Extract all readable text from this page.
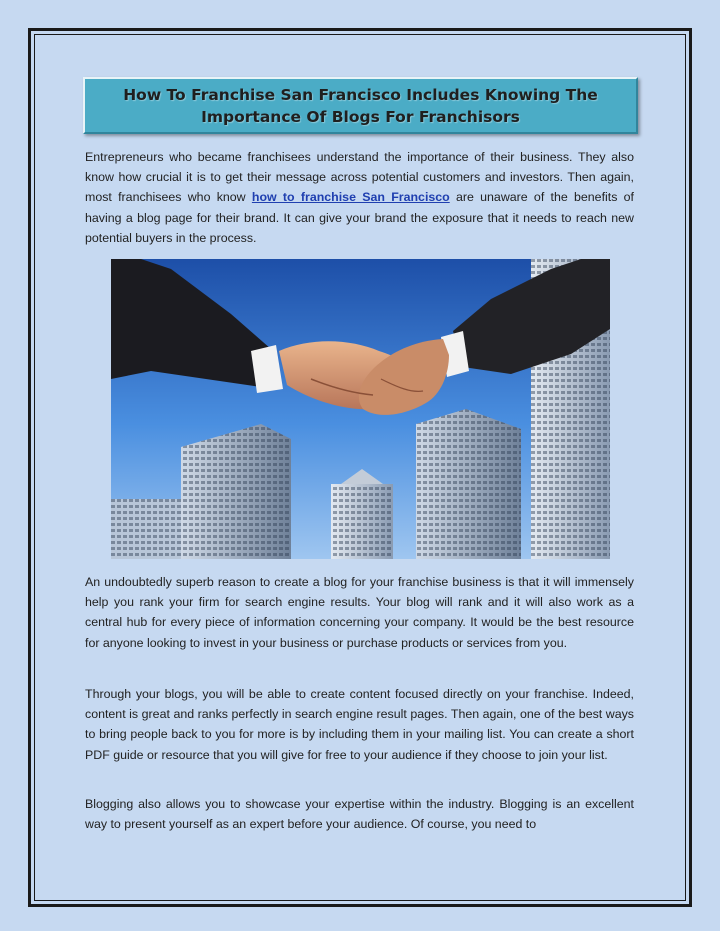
How To Franchise San Francisco Includes Knowing The Importance Of Blogs For Franchisors

Entrepreneurs who became franchisees understand the importance of their business. They also know how crucial it is to get their message across potential customers and investors. Then again, most franchisees who know how to franchise San Francisco are unaware of the benefits of having a blog page for their brand. It can give your brand the exposure that it needs to reach new potential buyers in the process.

An undoubtedly superb reason to create a blog for your franchise business is that it will immensely help you rank your firm for search engine results. Your blog will rank and it will also work as a central hub for every piece of information concerning your company. It would be the best resource for anyone looking to invest in your business or purchase products or services from you.

Through your blogs, you will be able to create content focused directly on your franchise. Indeed, content is great and ranks perfectly in search engine result pages. Then again, one of the best ways to bring people back to you for more is by including them in your mailing list. You can create a short PDF guide or resource that you will give for free to your audience if they choose to join your list.

Blogging also allows you to showcase your expertise within the industry. Blogging is an excellent way to present yourself as an expert before your audience. Of course, you need to
